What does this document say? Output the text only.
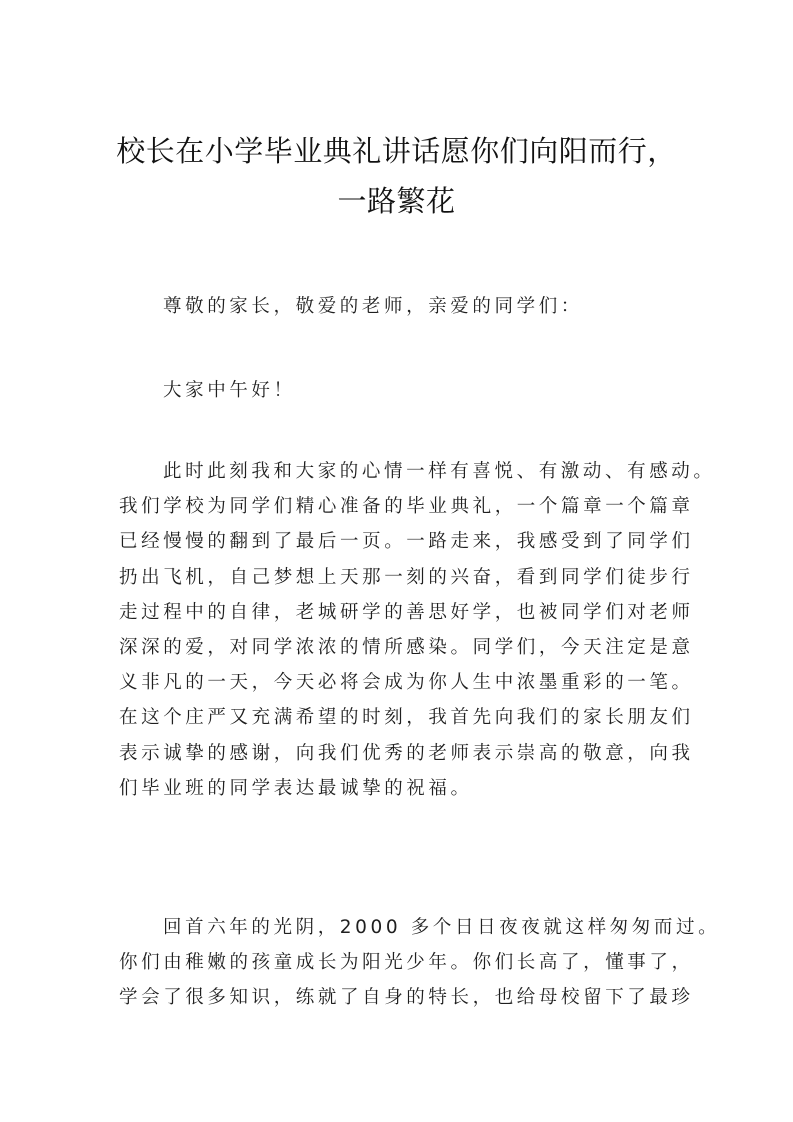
校长在小学毕业典礼讲话愿你们向阳而行，
一路繁花

尊敬的家长，敬爱的老师，亲爱的同学们：

大家中午好！

此时此刻我和大家的心情一样有喜悦、有激动、有感动。
我们学校为同学们精心准备的毕业典礼，一个篇章一个篇章
已经慢慢的翻到了最后一页。一路走来，我感受到了同学们
扔出飞机，自己梦想上天那一刻的兴奋，看到同学们徒步行
走过程中的自律，老城研学的善思好学，也被同学们对老师
深深的爱，对同学浓浓的情所感染。同学们，今天注定是意
义非凡的一天，今天必将会成为你人生中浓墨重彩的一笔。
在这个庄严又充满希望的时刻，我首先向我们的家长朋友们
表示诚挚的感谢，向我们优秀的老师表示崇高的敬意，向我
们毕业班的同学表达最诚挚的祝福。
回首六年的光阴，2000 多个日日夜夜就这样匆匆而过。
你们由稚嫩的孩童成长为阳光少年。你们长高了，懂事了，
学会了很多知识，练就了自身的特长，也给母校留下了最珍
